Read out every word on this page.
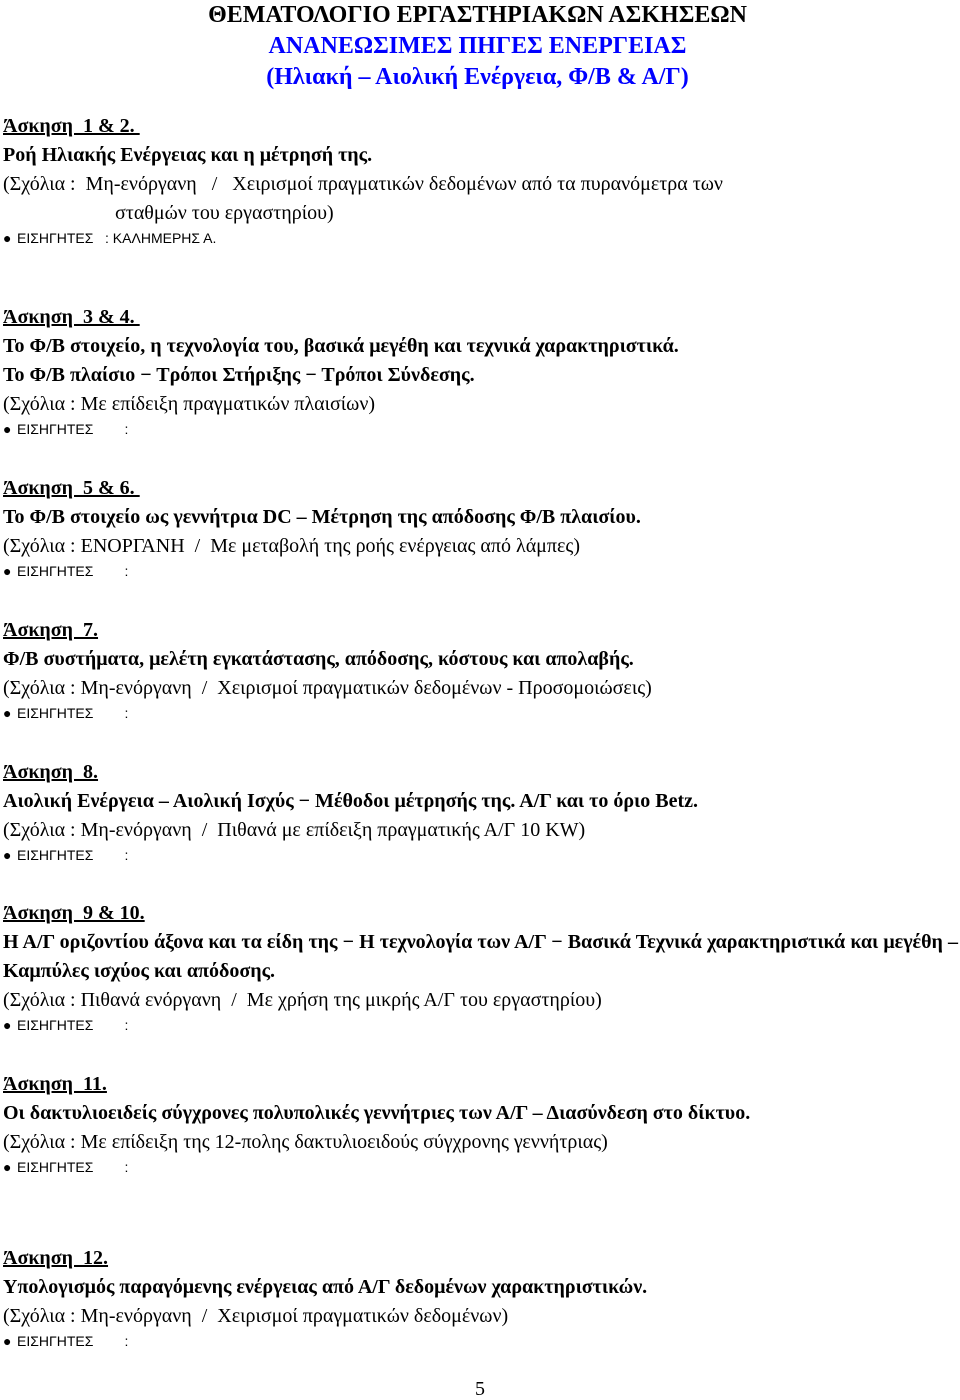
ΘΕΜΑΤΟΛΟΓΙΟ ΕΡΓΑΣΤΗΡΙΑΚΩΝ ΑΣΚΗΣΕΩΝ
ΑΝΑΝΕΩΣΙΜΕΣ ΠΗΓΕΣ ΕΝΕΡΓΕΙΑΣ
(Ηλιακή – Αιολική Ενέργεια, Φ/Β & Α/Γ)
Άσκηση  1 & 2.
Ροή Ηλιακής Ενέργειας και η μέτρησή της.
(Σχόλια :  Μη-ενόργανη   /   Χειρισμοί πραγματικών δεδομένων από τα πυρανόμετρα των
σταθμών του εργαστηρίου)
● ΕΙΣΗΓΗΤΕΣ   : ΚΑΛΗΜΕΡΗΣ Α.
Άσκηση  3 & 4.
Το Φ/Β στοιχείο, η τεχνολογία του, βασικά μεγέθη και τεχνικά χαρακτηριστικά.
Το Φ/Β πλαίσιο − Τρόποι Στήριξης − Τρόποι Σύνδεσης.
(Σχόλια : Με επίδειξη πραγματικών πλαισίων)
● ΕΙΣΗΓΗΤΕΣ        :
Άσκηση  5 & 6.
Το Φ/Β στοιχείο ως γεννήτρια DC – Μέτρηση της απόδοσης Φ/Β πλαισίου.
(Σχόλια : ΕΝΟΡΓΑΝΗ  /  Με μεταβολή της ροής ενέργειας από λάμπες)
● ΕΙΣΗΓΗΤΕΣ        :
Άσκηση  7.
Φ/Β συστήματα, μελέτη εγκατάστασης, απόδοσης, κόστους και απολαβής.
(Σχόλια : Μη-ενόργανη  /  Χειρισμοί πραγματικών δεδομένων - Προσομοιώσεις)
● ΕΙΣΗΓΗΤΕΣ        :
Άσκηση  8.
Αιολική Ενέργεια – Αιολική Ισχύς − Μέθοδοι μέτρησής της. Α/Γ και το όριο Betz.
(Σχόλια : Μη-ενόργανη  /  Πιθανά με επίδειξη πραγματικής Α/Γ 10 KW)
● ΕΙΣΗΓΗΤΕΣ        :
Άσκηση  9 & 10.
Η Α/Γ οριζοντίου άξονα και τα είδη της − Η τεχνολογία των Α/Γ − Βασικά Τεχνικά χαρακτηριστικά και μεγέθη – Καμπύλες ισχύος και απόδοσης.
(Σχόλια : Πιθανά ενόργανη  /  Με χρήση της μικρής Α/Γ του εργαστηρίου)
● ΕΙΣΗΓΗΤΕΣ        :
Άσκηση  11.
Οι δακτυλιοειδείς σύγχρονες πολυπολικές γεννήτριες των Α/Γ – Διασύνδεση στο δίκτυο.
(Σχόλια : Με επίδειξη της 12-πολης δακτυλιοειδούς σύγχρονης γεννήτριας)
● ΕΙΣΗΓΗΤΕΣ        :
Άσκηση  12.
Υπολογισμός παραγόμενης ενέργειας από Α/Γ δεδομένων χαρακτηριστικών.
(Σχόλια : Μη-ενόργανη  /  Χειρισμοί πραγματικών δεδομένων)
● ΕΙΣΗΓΗΤΕΣ        :
5
